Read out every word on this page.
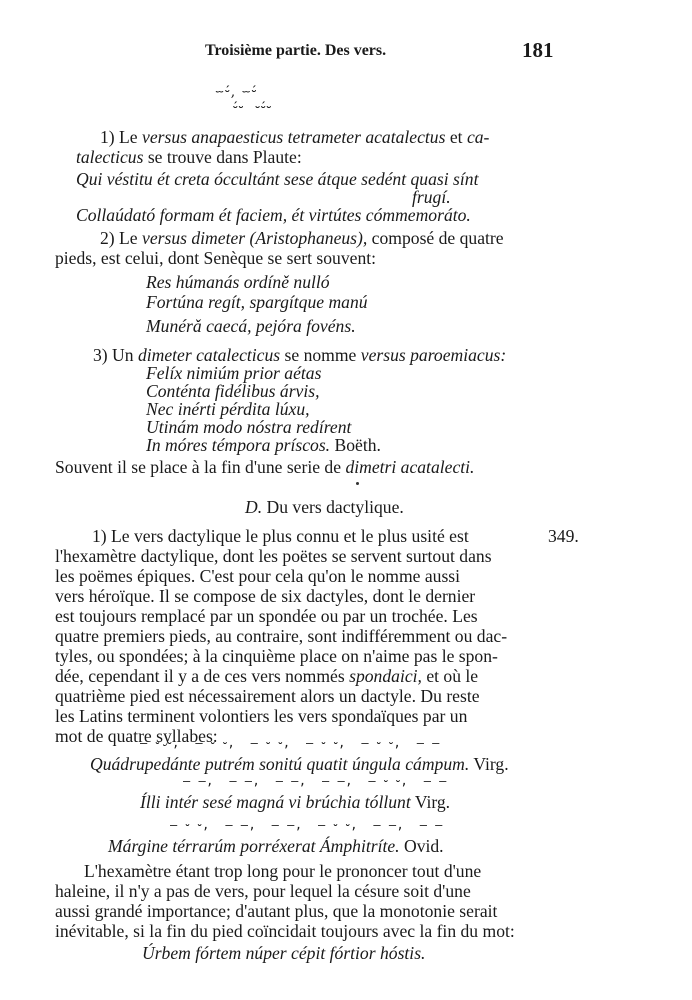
Troisième partie. Des vers.	181
⏖⏑́, ⏖⏑́
⏑́⏑  ⏑⏑́⏑
1) Le versus anapaesticus tetrameter acatalectus et ca-
talecticus se trouve dans Plaute:
Qui véstitu ét creta óccultánt sese átque sedént quasi sínt
frugí.
Collaúdató formam ét faciem, ét virtútes cómmemoráto.
2) Le versus dimeter (Aristophaneus), composé de quatre
pieds, est celui, dont Senèque se sert souvent:
Res húmanás ordíně nulló
Fortúna regít, spargítque manú
Munérǎ caecá, pejóra fovéns.
3) Un dimeter catalecticus se nomme versus paroemiacus:
Felíx nimiúm prior aétas
Conténta fidélibus árvis,
Nec inérti pérdita lúxu,
Utinám modo nóstra redírent
In móres témpora príscos. Boëth.
Souvent il se place à la fin d'une serie de dimetri acatalecti.
D. Du vers dactylique.
349.
1) Le vers dactylique le plus connu et le plus usité est
l'hexamètre dactylique, dont les poëtes se servent surtout dans
les poëmes épiques. C'est pour cela qu'on le nomme aussi
vers héroïque. Il se compose de six dactyles, dont le dernier
est toujours remplacé par un spondée ou par un trochée. Les
quatre premiers pieds, au contraire, sont indifféremment ou dac-
tyles, ou spondées; à la cinquième place on n'aime pas le spon-
dée, cependant il y a de ces vers nommés spondaici, et où le
quatrième pied est nécessairement alors un dactyle. Du reste
les Latins terminent volontiers les vers spondaïques par un
mot de quatre syllabes:
— ⏑ ⏑,  — ⏑ ⏑,  — ⏑ ⏑,  — ⏑ ⏑,  — ⏑ ⏑,  — —
Quádrupedánte putrém sonitú quatit úngula cámpum. Virg.
— —,  — —,  — —,  — —,  — ⏑ ⏑,  — —
Ílli intér sesé magná vi brúchia tóllunt Virg.
— ⏑ ⏑,  — —,  — —,  — ⏑ ⏑,  — —,  — —
Márgine térrarúm porréxerat Ámphitríte. Ovid.
L'hexamètre étant trop long pour le prononcer tout d'une
haleine, il n'y a pas de vers, pour lequel la césure soit d'une
aussi grandé importance; d'autant plus, que la monotonie serait
inévitable, si la fin du pied coïncidait toujours avec la fin du mot:
Úrbem fórtem núper cépit fórtior hóstis.
